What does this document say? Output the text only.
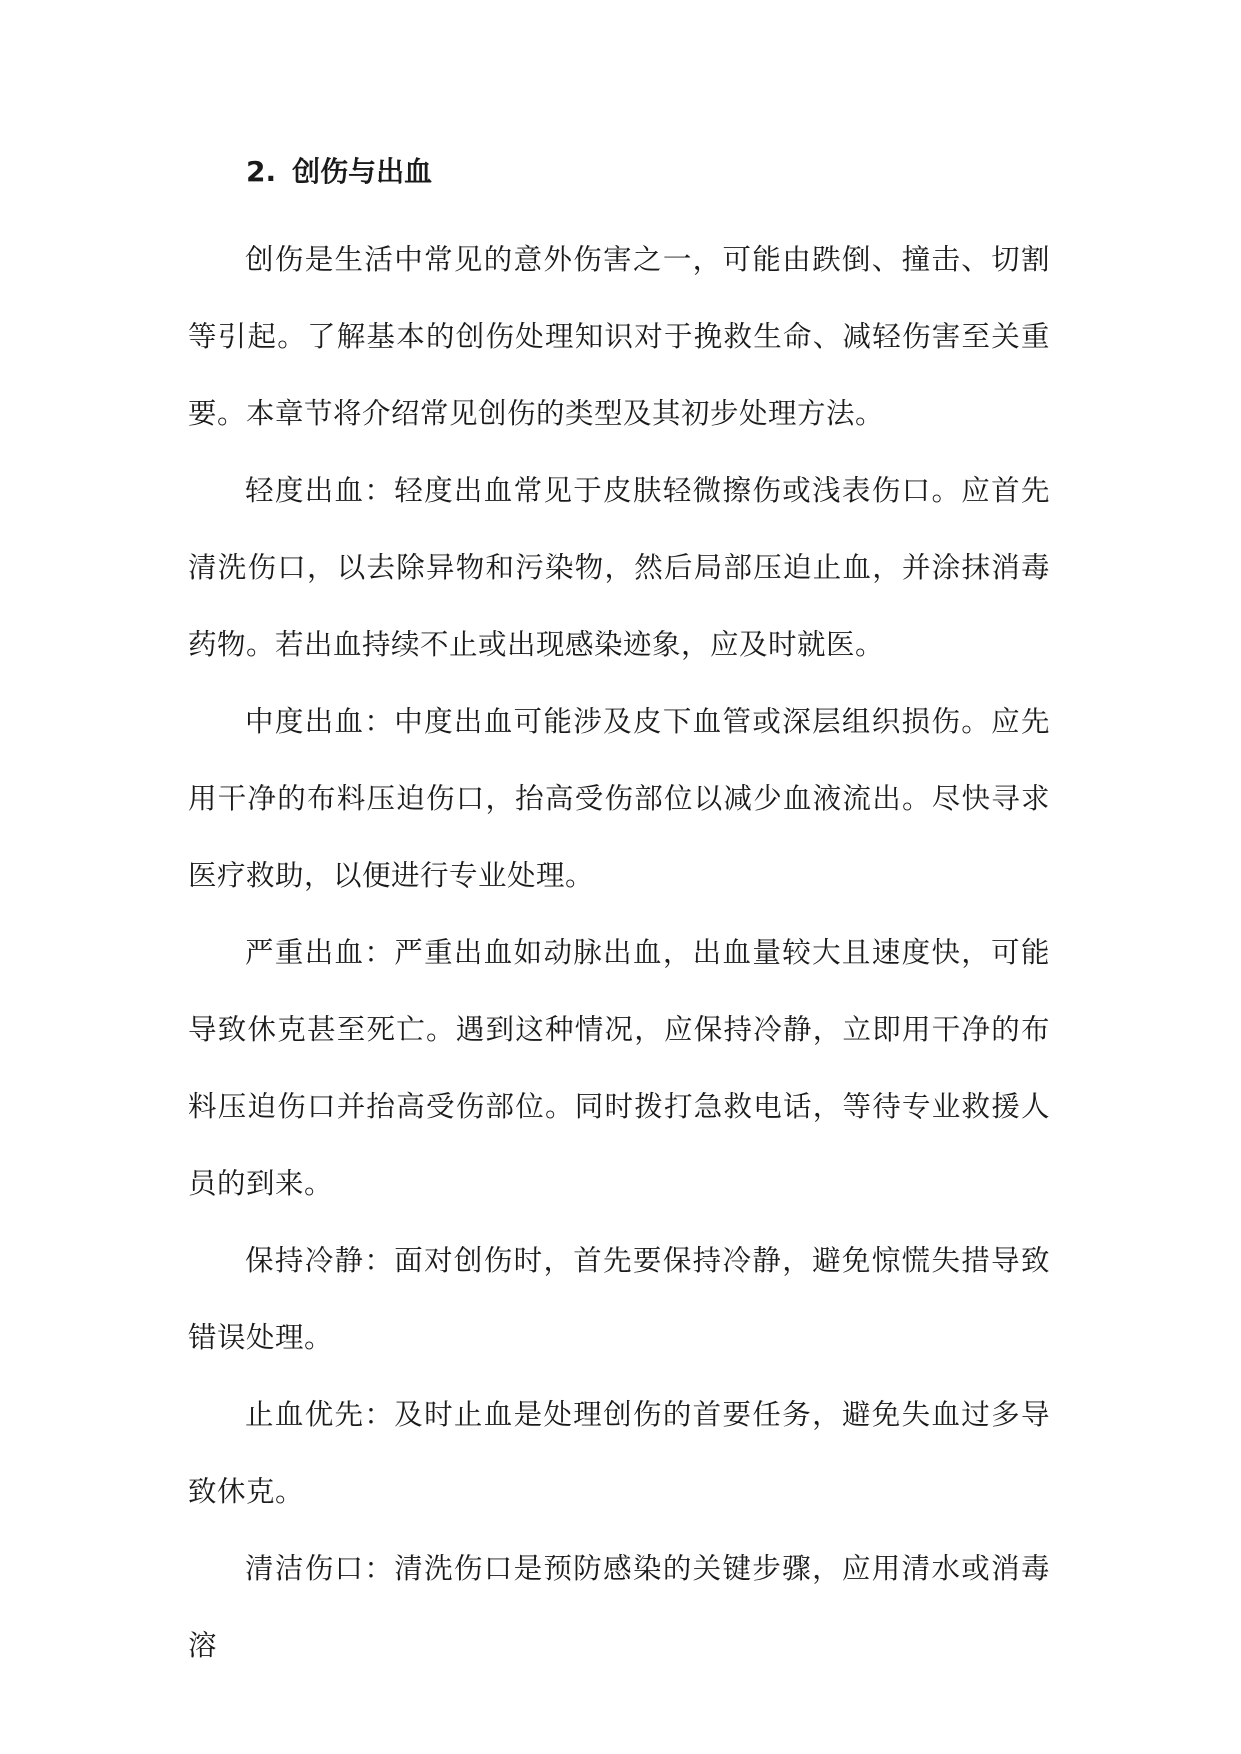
2. 创伤与出血

创伤是生活中常见的意外伤害之一，可能由跌倒、撞击、切割等引起。了解基本的创伤处理知识对于挽救生命、减轻伤害至关重要。本章节将介绍常见创伤的类型及其初步处理方法。

轻度出血：轻度出血常见于皮肤轻微擦伤或浅表伤口。应首先清洗伤口，以去除异物和污染物，然后局部压迫止血，并涂抹消毒药物。若出血持续不止或出现感染迹象，应及时就医。

中度出血：中度出血可能涉及皮下血管或深层组织损伤。应先用干净的布料压迫伤口，抬高受伤部位以减少血液流出。尽快寻求医疗救助，以便进行专业处理。

严重出血：严重出血如动脉出血，出血量较大且速度快，可能导致休克甚至死亡。遇到这种情况，应保持冷静，立即用干净的布料压迫伤口并抬高受伤部位。同时拨打急救电话，等待专业救援人员的到来。

保持冷静：面对创伤时，首先要保持冷静，避免惊慌失措导致错误处理。

止血优先：及时止血是处理创伤的首要任务，避免失血过多导致休克。

清洁伤口：清洗伤口是预防感染的关键步骤，应用清水或消毒溶
